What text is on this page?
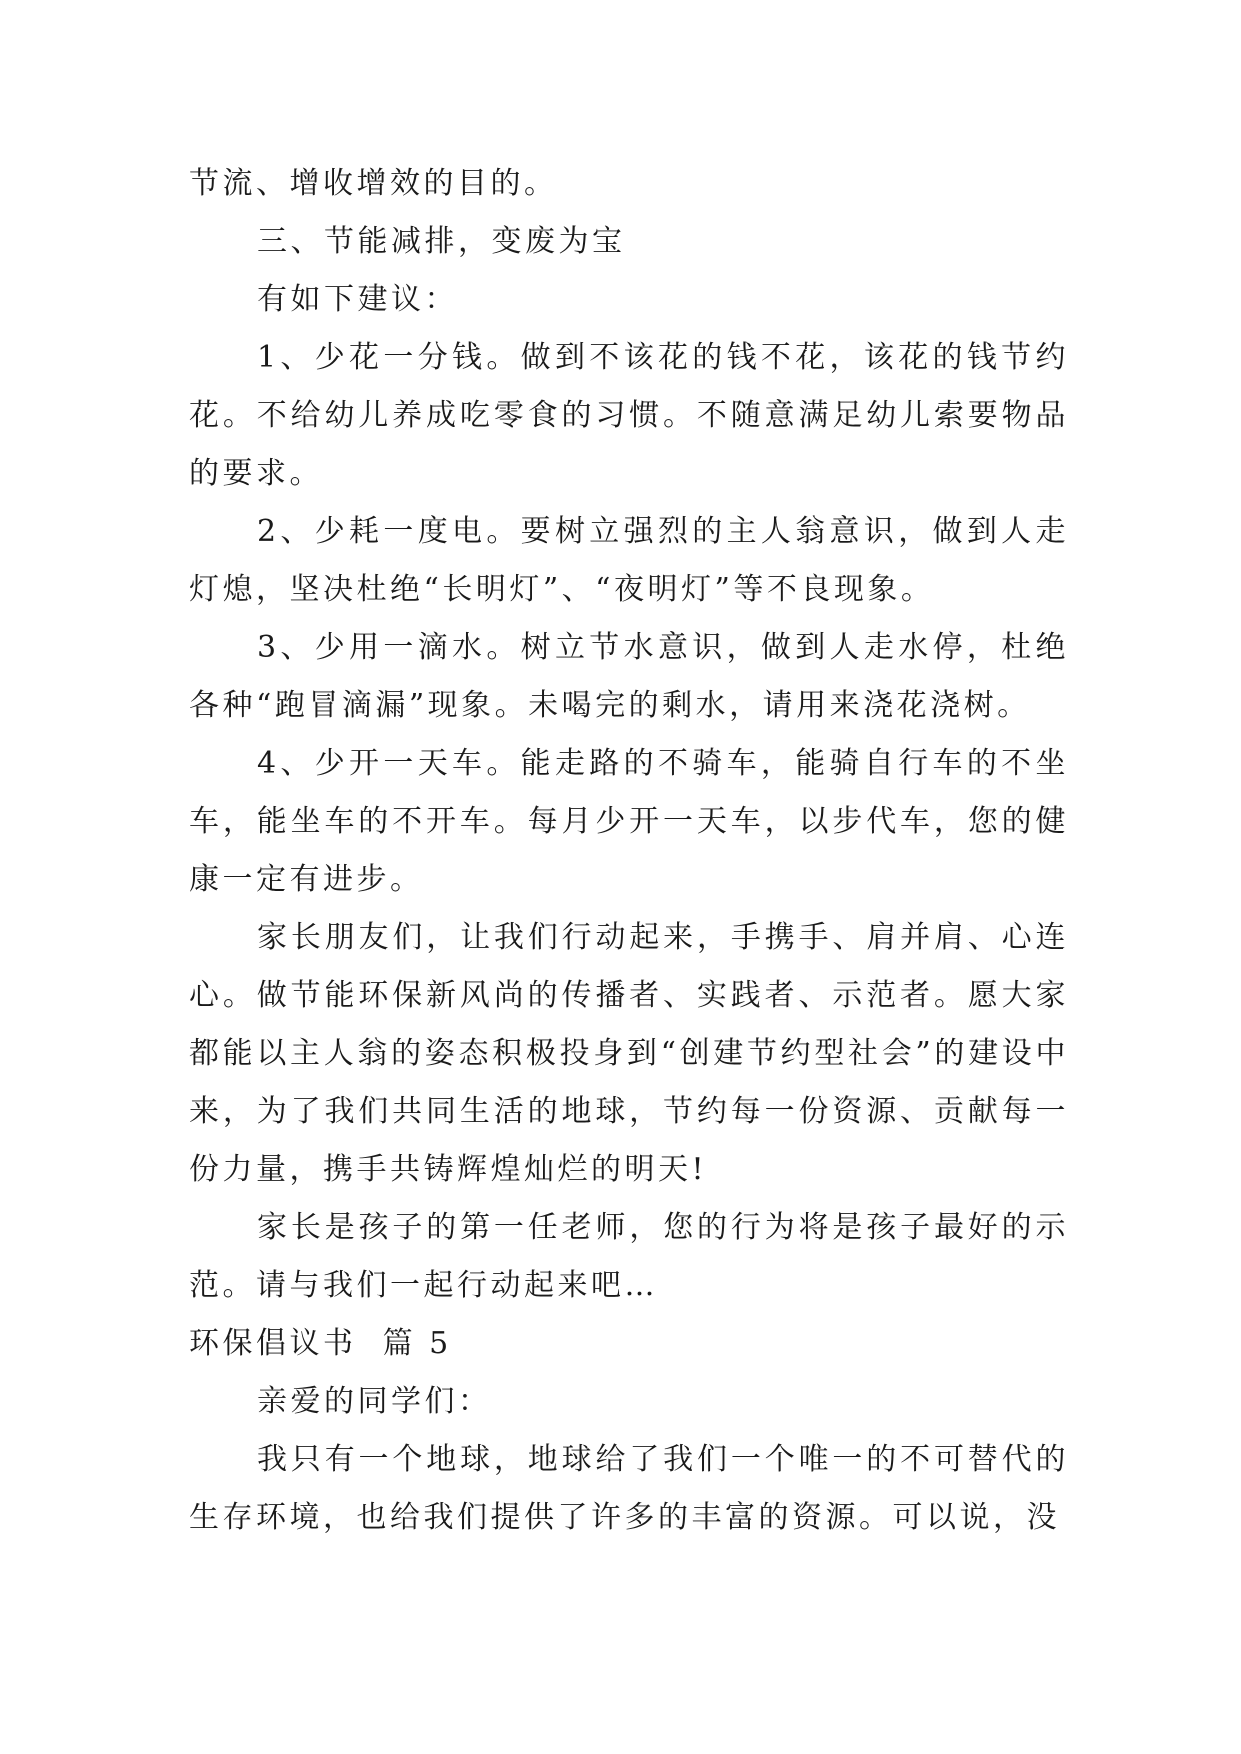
节流、增收增效的目的。

三、节能减排，变废为宝

有如下建议：

1、少花一分钱。做到不该花的钱不花，该花的钱节约花。不给幼儿养成吃零食的习惯。不随意满足幼儿索要物品的要求。

2、少耗一度电。要树立强烈的主人翁意识，做到人走灯熄，坚决杜绝“长明灯”、“夜明灯”等不良现象。

3、少用一滴水。树立节水意识，做到人走水停，杜绝各种“跑冒滴漏”现象。未喝完的剩水，请用来浇花浇树。

4、少开一天车。能走路的不骑车，能骑自行车的不坐车，能坐车的不开车。每月少开一天车，以步代车，您的健康一定有进步。

家长朋友们，让我们行动起来，手携手、肩并肩、心连心。做节能环保新风尚的传播者、实践者、示范者。愿大家都能以主人翁的姿态积极投身到“创建节约型社会”的建设中来，为了我们共同生活的地球，节约每一份资源、贡献每一份力量，携手共铸辉煌灿烂的明天!

家长是孩子的第一任老师，您的行为将是孩子最好的示范。请与我们一起行动起来吧…

环保倡议书  篇 5

亲爱的同学们：

我只有一个地球，地球给了我们一个唯一的不可替代的生存环境，也给我们提供了许多的丰富的资源。可以说，没
